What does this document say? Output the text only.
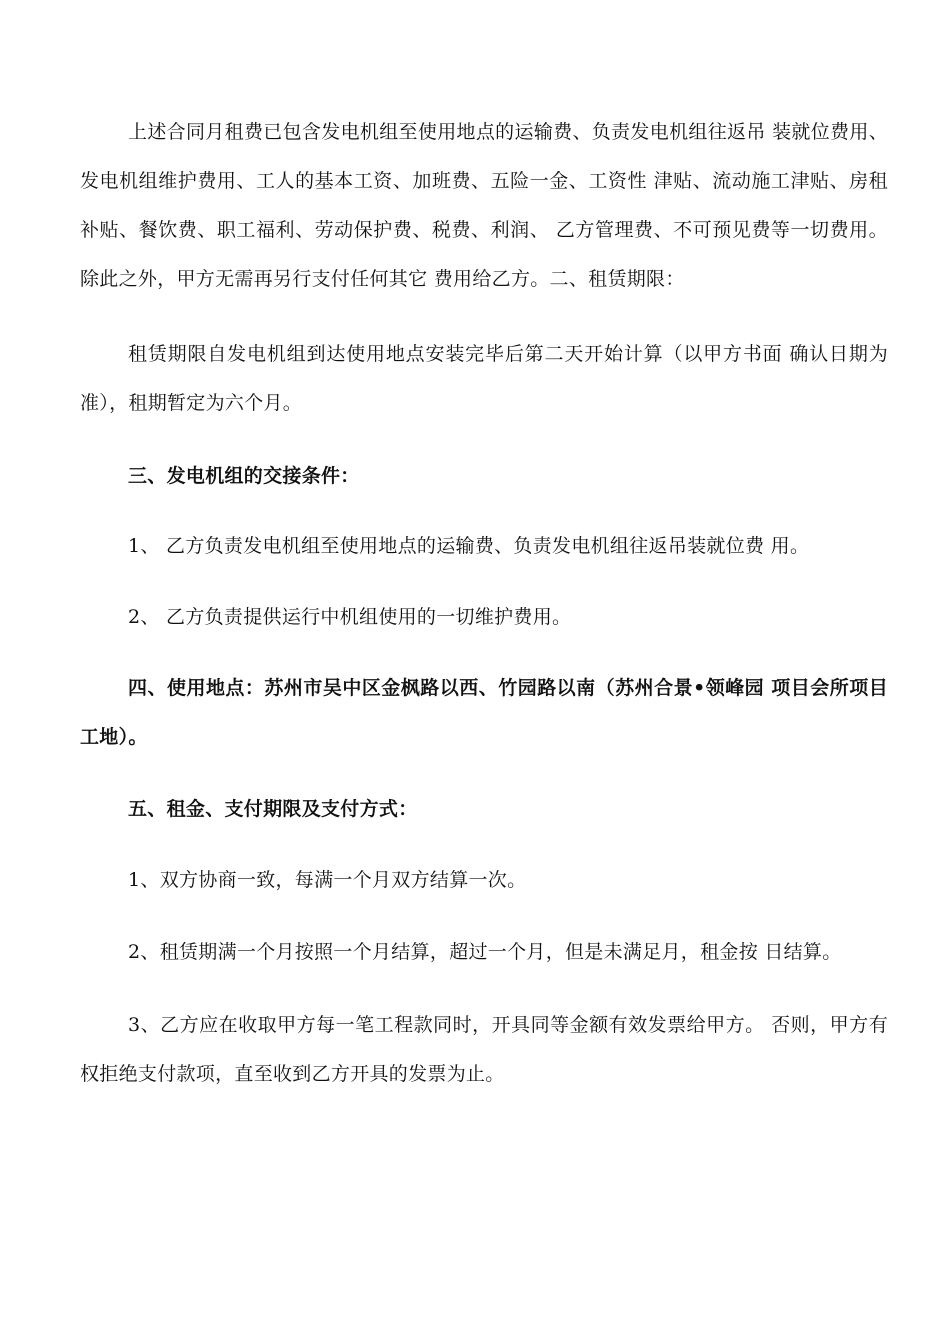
上述合同月租费已包含发电机组至使用地点的运输费、负责发电机组往返吊 装就位费用、发电机组维护费用、工人的基本工资、加班费、五险一金、工资性 津贴、流动施工津贴、房租补贴、餐饮费、职工福利、劳动保护费、税费、利润、 乙方管理费、不可预见费等一切费用。除此之外，甲方无需再另行支付任何其它 费用给乙方。二、租赁期限：

租赁期限自发电机组到达使用地点安装完毕后第二天开始计算（以甲方书面 确认日期为准），租期暂定为六个月。

三、发电机组的交接条件：

1、 乙方负责发电机组至使用地点的运输费、负责发电机组往返吊装就位费 用。

2、 乙方负责提供运行中机组使用的一切维护费用。

四、使用地点：苏州市吴中区金枫路以西、竹园路以南（苏州合景•领峰园 项目会所项目工地）。

五、租金、支付期限及支付方式：

1、双方协商一致，每满一个月双方结算一次。

2、租赁期满一个月按照一个月结算，超过一个月，但是未满足月，租金按 日结算。

3、乙方应在收取甲方每一笔工程款同时，开具同等金额有效发票给甲方。 否则，甲方有权拒绝支付款项，直至收到乙方开具的发票为止。
